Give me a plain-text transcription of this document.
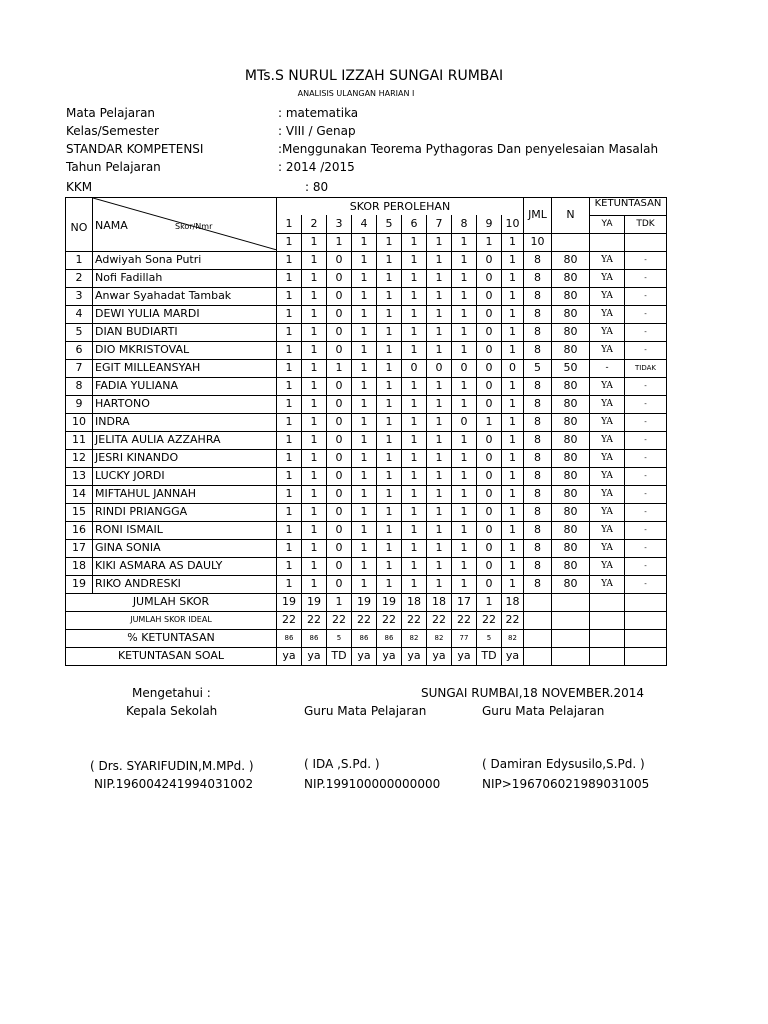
MTs.S NURUL IZZAH SUNGAI RUMBAI
ANALISIS ULANGAN HARIAN I
Mata Pelajaran	: matematika
Kelas/Semester	: VIII / Genap
STANDAR KOMPETENSI	:Menggunakan Teorema Pythagoras Dan penyelesaian Masalah
Tahun Pelajaran	: 2014 /2015
KKM	: 80
NO	NAMA Skor/Nmr	SKOR PEROLEHAN										JML	N	KETUNTASAN	
		1	2	3	4	5	6	7	8	9	10			YA	TDK
		1	1	1	1	1	1	1	1	1	1	10			
1	Adwiyah Sona Putri	1	1	0	1	1	1	1	1	0	1	8	80	YA	-
2	Nofi Fadillah	1	1	0	1	1	1	1	1	0	1	8	80	YA	-
3	Anwar Syahadat Tambak	1	1	0	1	1	1	1	1	0	1	8	80	YA	-
4	DEWI YULIA MARDI	1	1	0	1	1	1	1	1	0	1	8	80	YA	-
5	DIAN BUDIARTI	1	1	0	1	1	1	1	1	0	1	8	80	YA	-
6	DIO MKRISTOVAL	1	1	0	1	1	1	1	1	0	1	8	80	YA	-
7	EGIT MILLEANSYAH	1	1	1	1	1	0	0	0	0	0	5	50	-	TIDAK
8	FADIA YULIANA	1	1	0	1	1	1	1	1	0	1	8	80	YA	-
9	HARTONO	1	1	0	1	1	1	1	1	0	1	8	80	YA	-
10	INDRA	1	1	0	1	1	1	1	0	1	1	8	80	YA	-
11	JELITA AULIA AZZAHRA	1	1	0	1	1	1	1	1	0	1	8	80	YA	-
12	JESRI KINANDO	1	1	0	1	1	1	1	1	0	1	8	80	YA	-
13	LUCKY JORDI	1	1	0	1	1	1	1	1	0	1	8	80	YA	-
14	MIFTAHUL JANNAH	1	1	0	1	1	1	1	1	0	1	8	80	YA	-
15	RINDI PRIANGGA	1	1	0	1	1	1	1	1	0	1	8	80	YA	-
16	RONI ISMAIL	1	1	0	1	1	1	1	1	0	1	8	80	YA	-
17	GINA SONIA	1	1	0	1	1	1	1	1	0	1	8	80	YA	-
18	KIKI ASMARA AS DAULY	1	1	0	1	1	1	1	1	0	1	8	80	YA	-
19	RIKO ANDRESKI	1	1	0	1	1	1	1	1	0	1	8	80	YA	-
JUMLAH SKOR		19	19	1	19	19	18	18	17	1	18				
JUMLAH SKOR IDEAL		22	22	22	22	22	22	22	22	22	22				
% KETUNTASAN		86	86	5	86	86	82	82	77	5	82				
KETUNTASAN SOAL		ya	ya	TD	ya	ya	ya	ya	ya	TD	ya				
Mengetahui :	SUNGAI RUMBAI,18 NOVEMBER.2014
Kepala Sekolah	Guru Mata Pelajaran	Guru Mata Pelajaran
( Drs. SYARIFUDIN,M.MPd. )	( IDA ,S.Pd. )	( Damiran Edysusilo,S.Pd. )
NIP.196004241994031002	NIP.199100000000000	NIP>196706021989031005
